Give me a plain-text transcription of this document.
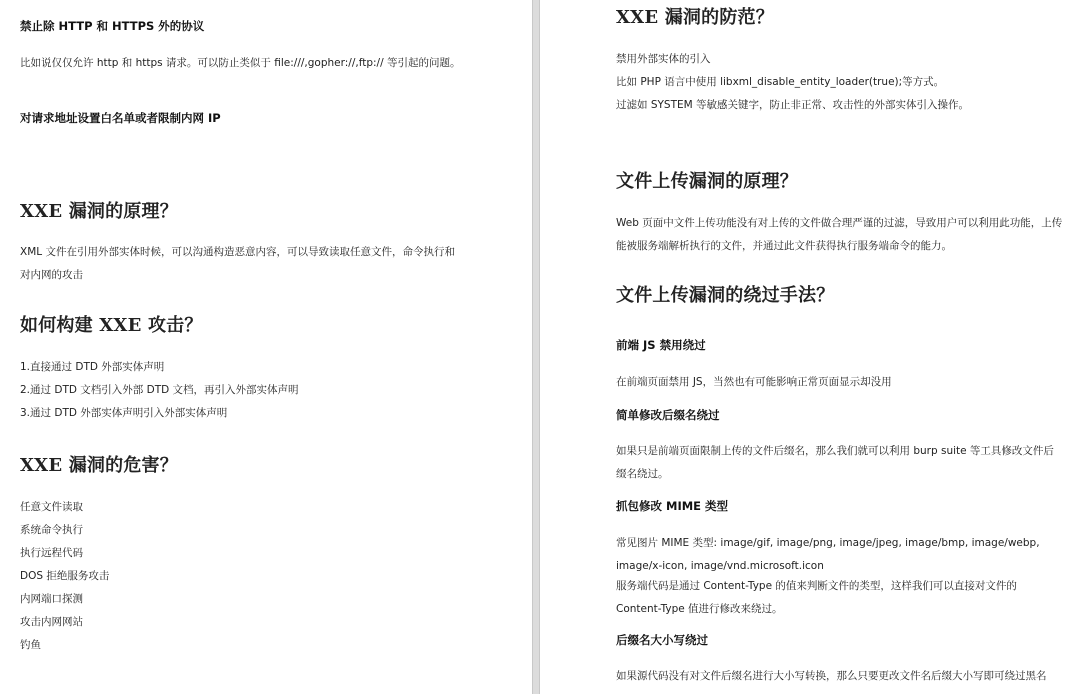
禁止除 HTTP 和 HTTPS 外的协议
比如说仅仅允许 http 和 https 请求。可以防止类似于 file:///,gopher://,ftp:// 等引起的问题。
对请求地址设置白名单或者限制内网 IP
XXE 漏洞的原理？
XML 文件在引用外部实体时候，可以沟通构造恶意内容，可以导致读取任意文件，命令执行和对内网的攻击
如何构建 XXE 攻击？
1.直接通过 DTD 外部实体声明
2.通过 DTD 文档引入外部 DTD 文档，再引入外部实体声明
3.通过 DTD 外部实体声明引入外部实体声明
XXE 漏洞的危害？
任意文件读取
系统命令执行
执行远程代码
DOS 拒绝服务攻击
内网端口探测
攻击内网网站
钓鱼
XXE 漏洞的防范？
禁用外部实体的引入
比如 PHP 语言中使用 libxml_disable_entity_loader(true);等方式。
过滤如 SYSTEM 等敏感关键字，防止非正常、攻击性的外部实体引入操作。
文件上传漏洞的原理？
Web 页面中文件上传功能没有对上传的文件做合理严谨的过滤，导致用户可以利用此功能，上传能被服务端解析执行的文件，并通过此文件获得执行服务端命令的能力。
文件上传漏洞的绕过手法？
前端 JS 禁用绕过
在前端页面禁用 JS，当然也有可能影响正常页面显示却没用
简单修改后缀名绕过
如果只是前端页面限制上传的文件后缀名，那么我们就可以利用 burp suite 等工具修改文件后缀名绕过。
抓包修改 MIME 类型
常见图片 MIME 类型: image/gif, image/png, image/jpeg, image/bmp, image/webp, image/x-icon, image/vnd.microsoft.icon
服务端代码是通过 Content-Type 的值来判断文件的类型，这样我们可以直接对文件的 Content-Type 值进行修改来绕过。
后缀名大小写绕过
如果源代码没有对文件后缀名进行大小写转换，那么只要更改文件名后缀大小写即可绕过黑名
